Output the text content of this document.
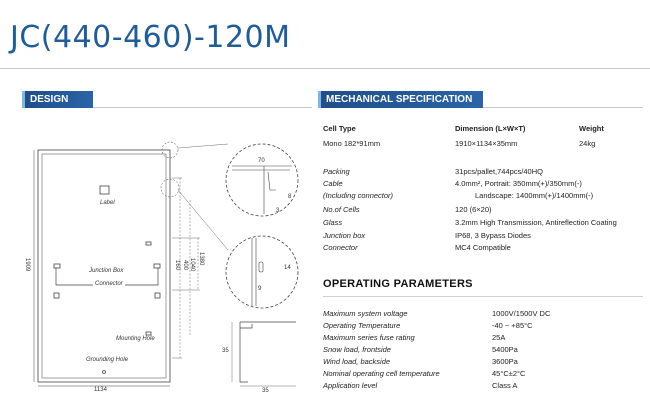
JC(440-460)-120M
DESIGN	MECHANICAL SPECIFICATION
Label
Junction Box
Connector
Mounting Hole
Grounding Hole
1134
1909	1380
1040
400
160
70
8
3
14
9
35
35
Cell Type	Dimension (L×W×T)	Weight
Mono 182*91mm	1910×1134×35mm	24kg
Packing	31pcs/pallet,744pcs/40HQ
Cable	4.0mm², Portrait: 350mm(+)/350mm(-)
(Including connector)	Landscape: 1400mm(+)/1400mm(-)
No.of Cells	120 (6×20)
Glass	3.2mm High Transmission, Antireflection Coating
Junction box	IP68, 3 Bypass Diodes
Connector	MC4 Compatible
OPERATING PARAMETERS
Maximum system voltage	1000V/1500V DC
Operating Temperature	-40 ~ +85°C
Maximum series fuse rating	25A
Snow load, frontside	5400Pa
Wind load, backside	3600Pa
Nominal operating cell temperature	45°C±2°C
Application level	Class A
